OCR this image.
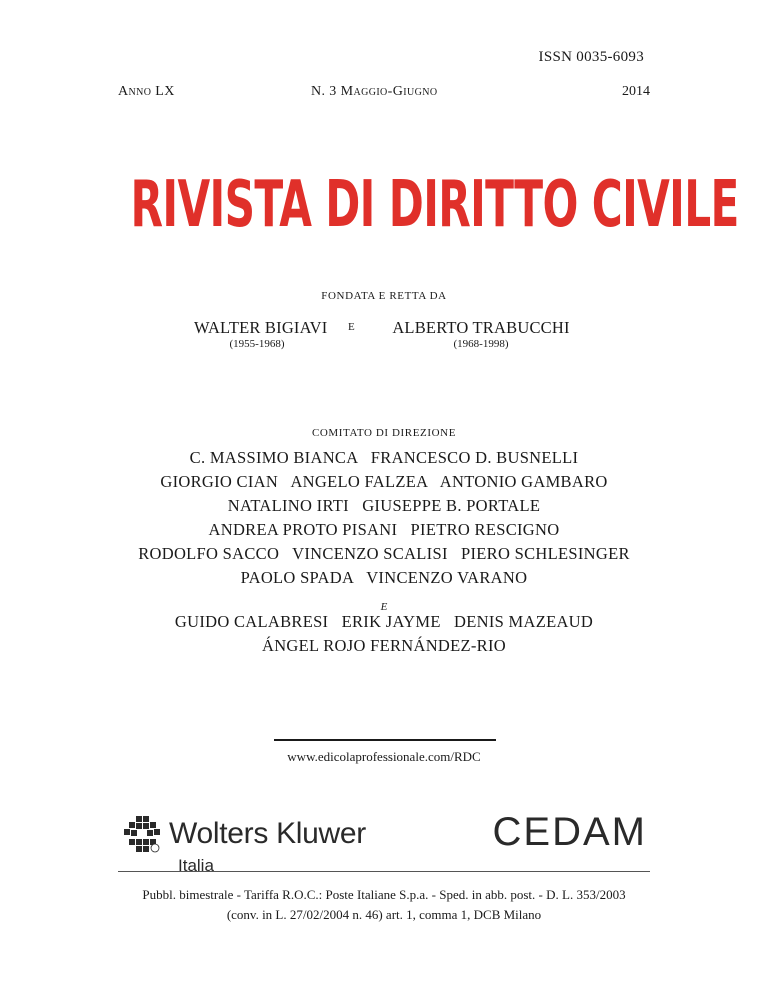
ISSN 0035-6093
Anno LX	N. 3 Maggio-Giugno	2014
RIVISTA DI DIRITTO CIVILE
FONDATA E RETTA DA
WALTER BIGIAVI
(1955-1968)
E	ALBERTO TRABUCCHI
(1968-1998)
COMITATO DI DIREZIONE
C. MASSIMO BIANCA   FRANCESCO D. BUSNELLI
GIORGIO CIAN   ANGELO FALZEA   ANTONIO GAMBARO
NATALINO IRTI   GIUSEPPE B. PORTALE
ANDREA PROTO PISANI   PIETRO RESCIGNO
RODOLFO SACCO   VINCENZO SCALISI   PIERO SCHLESINGER
PAOLO SPADA   VINCENZO VARANO
E
GUIDO CALABRESI   ERIK JAYME   DENIS MAZEAUD
ÁNGEL ROJO FERNÁNDEZ-RIO
www.edicolaprofessionale.com/RDC
Wolters Kluwer
Italia
CEDAM
Pubbl. bimestrale - Tariffa R.O.C.: Poste Italiane S.p.a. - Sped. in abb. post. - D. L. 353/2003
(conv. in L. 27/02/2004 n. 46) art. 1, comma 1, DCB Milano
